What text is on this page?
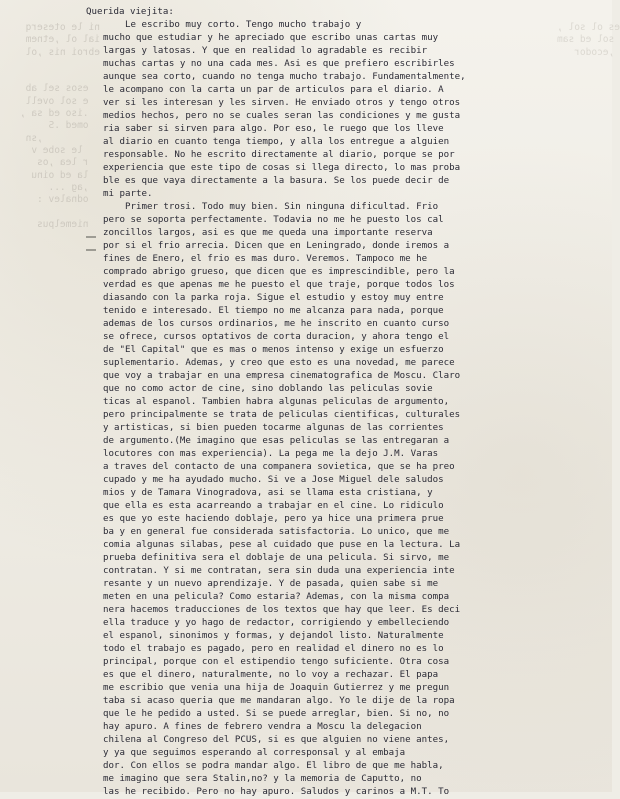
ni le oteserq
ial ol ,etnem
ebroi nis ,ol

esos sel ab
e sol ovell
.iso ed sa ,
omed .S
,sn
le sobe v
r lea ,os
la ed oinu
,ag ...
odnalev :

niemelpus
es ol sol ,
sol ed sam
,ecodor
Querida viejita:
Le escribo muy corto. Tengo mucho trabajo y
mucho que estudiar y he apreciado que escribo unas cartas muy
largas y latosas. Y que en realidad lo agradable es recibir
muchas cartas y no una cada mes. Asi es que prefiero escribirles
aunque sea corto, cuando no tenga mucho trabajo. Fundamentalmente,
le acompano con la carta un par de articulos para el diario. A
ver si les interesan y les sirven. He enviado otros y tengo otros
medios hechos, pero no se cuales seran las condiciones y me gusta
ria saber si sirven para algo. Por eso, le ruego que los lleve
al diario en cuanto tenga tiempo, y alla los entregue a alguien
responsable. No he escrito directamente al diario, porque se por
experiencia que este tipo de cosas si llega directo, lo mas proba
ble es que vaya directamente a la basura. Se los puede decir de
mi parte.
Primer trosi. Todo muy bien. Sin ninguna dificultad. Frio
pero se soporta perfectamente. Todavia no me he puesto los cal
zoncillos largos, asi es que me queda una importante reserva
por si el frio arrecia. Dicen que en Leningrado, donde iremos a
fines de Enero, el frio es mas duro. Veremos. Tampoco me he
comprado abrigo grueso, que dicen que es imprescindible, pero la
verdad es que apenas me he puesto el que traje, porque todos los
diasando con la parka roja. Sigue el estudio y estoy muy entre
tenido e interesado. El tiempo no me alcanza para nada, porque
ademas de los cursos ordinarios, me he inscrito en cuanto curso
se ofrece, cursos optativos de corta duracion, y ahora tengo el
de "El Capital" que es mas o menos intenso y exige un esfuerzo
suplementario. Ademas, y creo que esto es una novedad, me parece
que voy a trabajar en una empresa cinematografica de Moscu. Claro
que no como actor de cine, sino doblando las peliculas sovie
ticas al espanol. Tambien habra algunas peliculas de argumento,
pero principalmente se trata de peliculas cientificas, culturales
y artisticas, si bien pueden tocarme algunas de las corrientes
de argumento.(Me imagino que esas peliculas se las entregaran a
locutores con mas experiencia). La pega me la dejo J.M. Varas
a traves del contacto de una companera sovietica, que se ha preo
cupado y me ha ayudado mucho. Si ve a Jose Miguel dele saludos
mios y de Tamara Vinogradova, asi se llama esta cristiana, y
que ella es esta acarreando a trabajar en el cine. Lo ridiculo
es que yo este haciendo doblaje, pero ya hice una primera prue
ba y en general fue considerada satisfactoria. Lo unico, que me
comia algunas silabas, pese al cuidado que puse en la lectura. La
prueba definitiva sera el doblaje de una pelicula. Si sirvo, me
contratan. Y si me contratan, sera sin duda una experiencia inte
resante y un nuevo aprendizaje. Y de pasada, quien sabe si me
meten en una pelicula? Como estaria? Ademas, con la misma compa
nera hacemos traducciones de los textos que hay que leer. Es deci
ella traduce y yo hago de redactor, corrigiendo y embelleciendo
el espanol, sinonimos y formas, y dejandol listo. Naturalmente
todo el trabajo es pagado, pero en realidad el dinero no es lo
principal, porque con el estipendio tengo suficiente. Otra cosa
es que el dinero, naturalmente, no lo voy a rechazar. El papa
me escribio que venia una hija de Joaquin Gutierrez y me pregun
taba si acaso queria que me mandaran algo. Yo le dije de la ropa
que le he pedido a usted. Si se puede arreglar, bien. Si no, no
hay apuro. A fines de febrero vendra a Moscu la delegacion
chilena al Congreso del PCUS, si es que alguien no viene antes,
y ya que seguimos esperando al corresponsal y al embaja
dor. Con ellos se podra mandar algo. El libro de que me habla,
me imagino que sera Stalin,no? y la memoria de Caputto, no
las he recibido. Pero no hay apuro. Saludos y carinos a M.T. To
